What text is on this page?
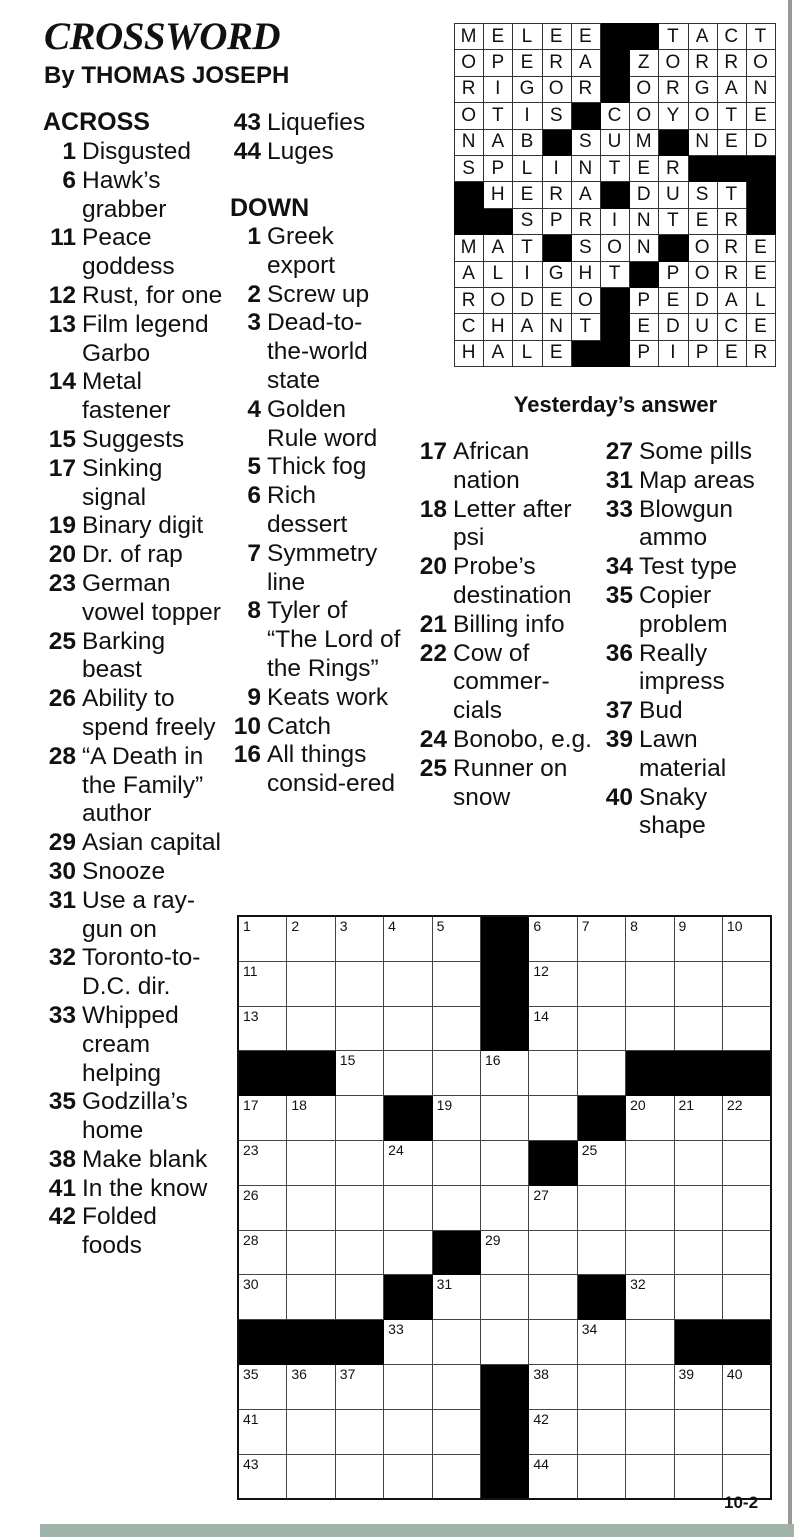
CROSSWORD
By THOMAS JOSEPH
ACROSS
1 Disgusted
6 Hawk’s grabber
11 Peace goddess
12 Rust, for one
13 Film legend Garbo
14 Metal fastener
15 Suggests
17 Sinking signal
19 Binary digit
20 Dr. of rap
23 German vowel topper
25 Barking beast
26 Ability to spend freely
28 “A Death in the Family” author
29 Asian capital
30 Snooze
31 Use a ray-gun on
32 Toronto-to-D.C. dir.
33 Whipped cream helping
35 Godzilla’s home
38 Make blank
41 In the know
42 Folded foods
43 Liquefies
44 Luges
DOWN
1 Greek export
2 Screw up
3 Dead-to-the-world state
4 Golden Rule word
5 Thick fog
6 Rich dessert
7 Symmetry line
8 Tyler of “The Lord of the Rings”
9 Keats work
10 Catch
16 All things consid-ered
17 African nation
18 Letter after psi
20 Probe’s destination
21 Billing info
22 Cow of commer-cials
24 Bonobo, e.g.
25 Runner on snow
27 Some pills
31 Map areas
33 Blowgun ammo
34 Test type
35 Copier problem
36 Really impress
37 Bud
39 Lawn material
40 Snaky shape
M	E	L	E	E			T	A	C	T
O	P	E	R	A		Z	O	R	R	O
R	I	G	O	R		O	R	G	A	N
O	T	I	S		C	O	Y	O	T	E
N	A	B		S	U	M		N	E	D
S	P	L	I	N	T	E	R			
	H	E	R	A		D	U	S	T	
		S	P	R	I	N	T	E	R	
M	A	T		S	O	N		O	R	E
A	L	I	G	H	T		P	O	R	E
R	O	D	E	O		P	E	D	A	L
C	H	A	N	T		E	D	U	C	E
H	A	L	E			P	I	P	E	R
Yesterday’s answer
1	2	3	4	5		6	7	8	9	10

11						12				

13						14				

		15			16					

17	18			19				20	21	22

23			24				25			

26						27				

28					29					

30				31				32		

			33				34			

35	36	37				38			39	40

41						42				

43						44				

10-2
